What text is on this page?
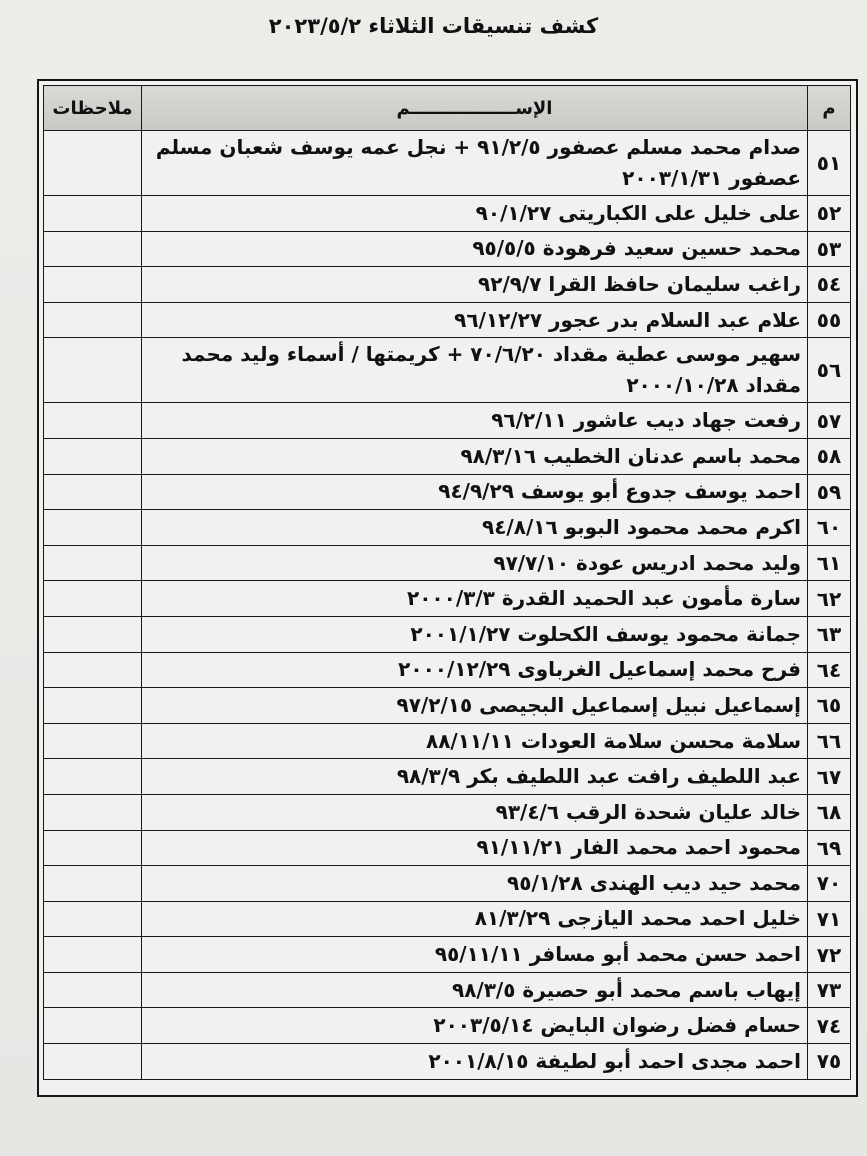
كشف تنسيقات الثلاثاء ٢٠٢٣/٥/٢
م	الإســـــــــــــــــم	ملاحظات
٥١	صدام محمد مسلم عصفور ٩١/٢/٥ + نجل عمه يوسف شعبان مسلم عصفور ٢٠٠٣/١/٣١	
٥٢	على خليل على الكباريتى ٩٠/١/٢٧	
٥٣	محمد حسين سعيد فرهودة ٩٥/٥/٥	
٥٤	راغب سليمان حافظ القرا ٩٢/٩/٧	
٥٥	علام عبد السلام بدر عجور ٩٦/١٢/٢٧	
٥٦	سهير موسى عطية مقداد ٧٠/٦/٢٠ + كريمتها / أسماء وليد محمد مقداد ٢٠٠٠/١٠/٢٨	
٥٧	رفعت جهاد ديب عاشور ٩٦/٢/١١	
٥٨	محمد باسم عدنان الخطيب ٩٨/٣/١٦	
٥٩	احمد يوسف جدوع أبو يوسف ٩٤/٩/٢٩	
٦٠	اكرم محمد محمود البوبو ٩٤/٨/١٦	
٦١	وليد محمد ادريس عودة ٩٧/٧/١٠	
٦٢	سارة مأمون عبد الحميد القدرة ٢٠٠٠/٣/٣	
٦٣	جمانة محمود يوسف الكحلوت ٢٠٠١/١/٢٧	
٦٤	فرح محمد إسماعيل الغرباوى ٢٠٠٠/١٢/٢٩	
٦٥	إسماعيل نبيل إسماعيل البجيصى ٩٧/٢/١٥	
٦٦	سلامة محسن سلامة العودات ٨٨/١١/١١	
٦٧	عبد اللطيف رافت عبد اللطيف بكر ٩٨/٣/٩	
٦٨	خالد عليان شحدة الرقب ٩٣/٤/٦	
٦٩	محمود احمد محمد الفار ٩١/١١/٢١	
٧٠	محمد حيد ديب الهندى ٩٥/١/٢٨	
٧١	خليل احمد محمد اليازجى ٨١/٣/٢٩	
٧٢	احمد حسن محمد أبو مسافر ٩٥/١١/١١	
٧٣	إيهاب باسم محمد أبو حصيرة ٩٨/٣/٥	
٧٤	حسام فضل رضوان البايض ٢٠٠٣/٥/١٤	
٧٥	احمد مجدى احمد أبو لطيفة ٢٠٠١/٨/١٥	
